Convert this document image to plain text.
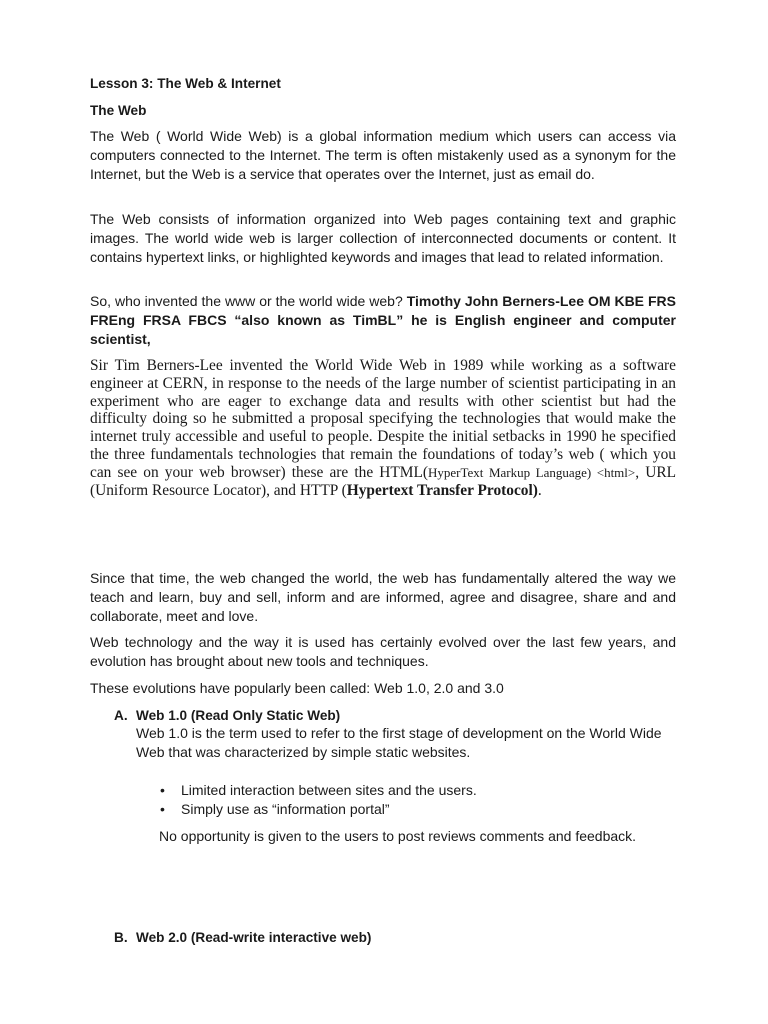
Lesson 3: The Web & Internet
The Web

The Web ( World Wide Web) is a global information medium which users can access via computers connected to the Internet. The term is often mistakenly used as a synonym for the Internet, but the Web is a service that operates over the Internet, just as email do.

The Web consists of information organized into Web pages containing text and graphic images. The world wide web is larger collection of interconnected documents or content. It contains hypertext links, or highlighted keywords and images that lead to related information.

So, who invented the www or the world wide web? Timothy John Berners-Lee OM KBE FRS FREng FRSA FBCS “also known as TimBL” he is English engineer and computer scientist,

Sir Tim Berners-Lee invented the World Wide Web in 1989 while working as a software engineer at CERN, in response to the needs of the large number of scientist participating in an experiment who are eager to exchange data and results with other scientist but had the difficulty doing so he submitted a proposal specifying the technologies that would make the internet truly accessible and useful to people. Despite the initial setbacks in 1990 he specified the three fundamentals technologies that remain the foundations of today’s web ( which you can see on your web browser) these are the HTML(HyperText Markup Language) <html>, URL (Uniform Resource Locator), and HTTP (Hypertext Transfer Protocol).

Since that time, the web changed the world, the web has fundamentally altered the way we teach and learn, buy and sell, inform and are informed, agree and disagree, share and and collaborate, meet and love.

Web technology and the way it is used has certainly evolved over the last few years, and evolution has brought about new tools and techniques.

These evolutions have popularly been called: Web 1.0, 2.0 and 3.0

A. Web 1.0 (Read Only Static Web)

Web 1.0 is the term used to refer to the first stage of development on the World Wide Web that was characterized by simple static websites.

• Limited interaction between sites and the users.
• Simply use as “information portal”

No opportunity is given to the users to post reviews comments and feedback.

B. Web 2.0 (Read-write interactive web)
